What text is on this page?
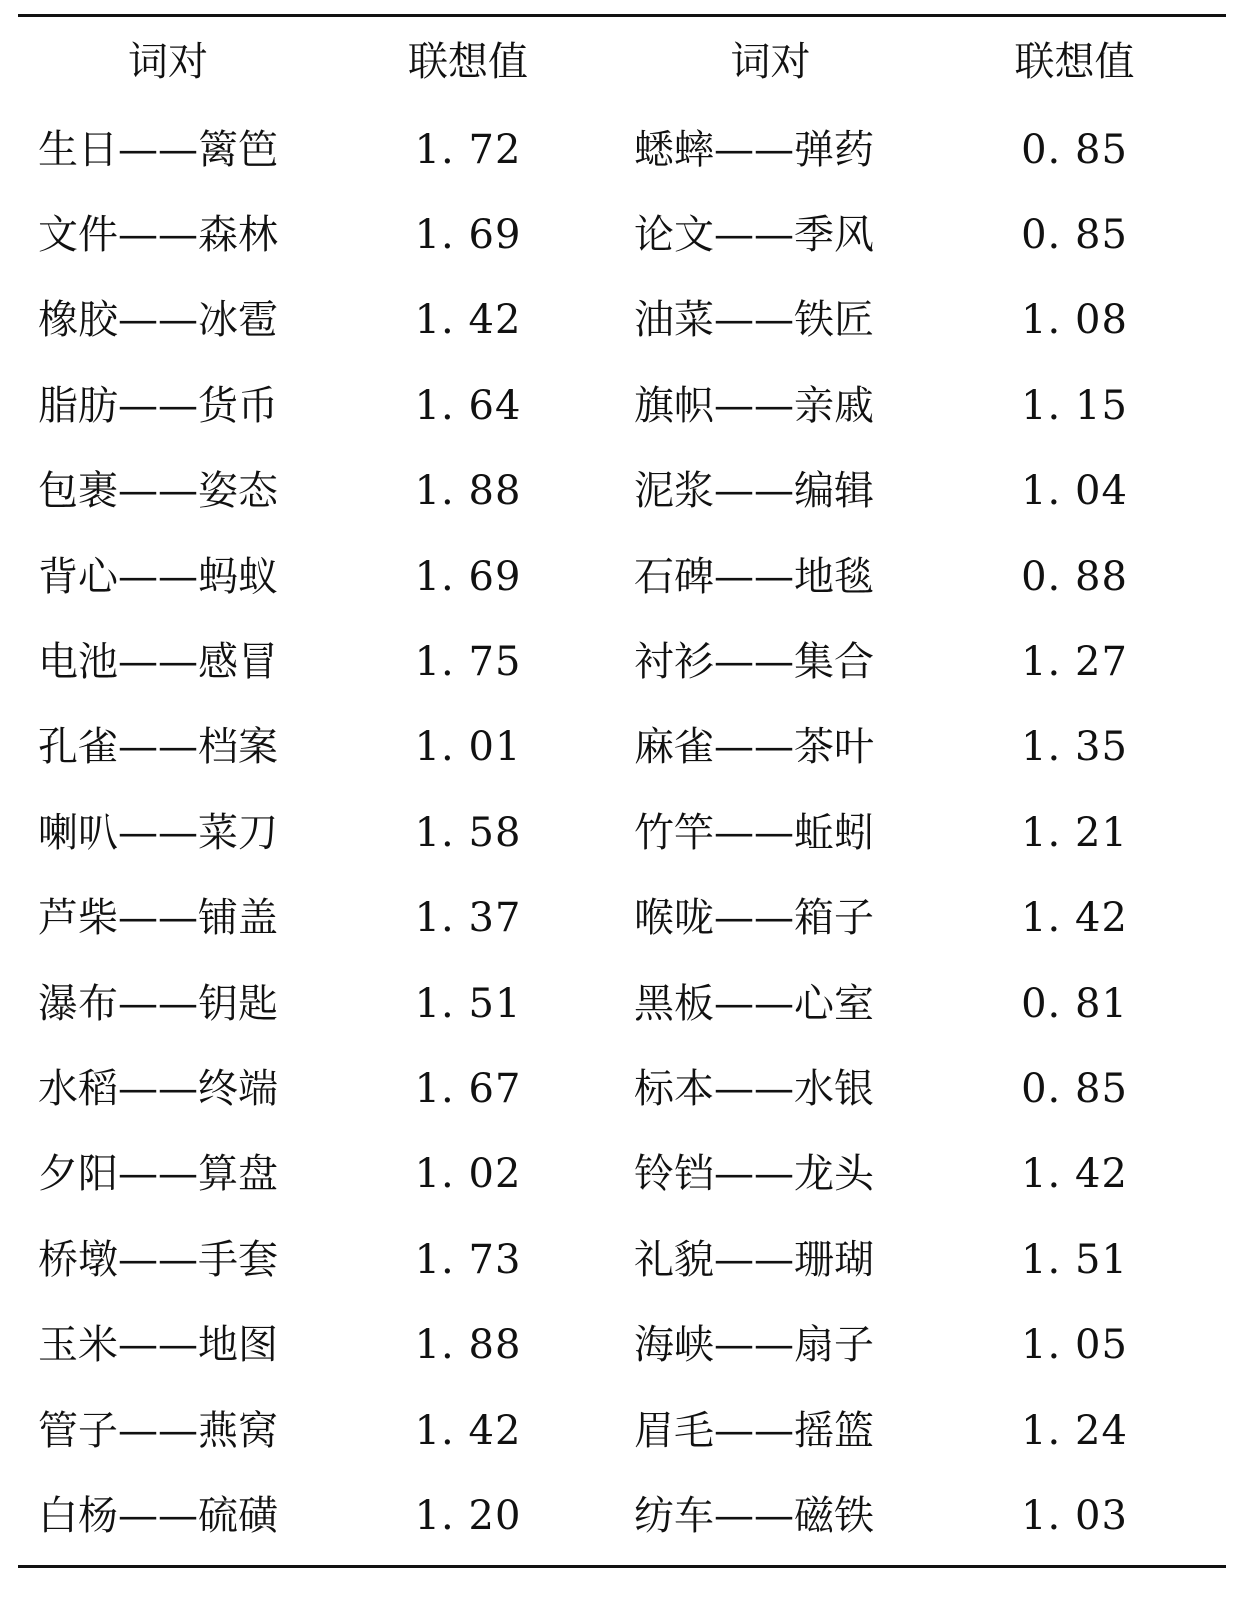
词对	联想值	词对	联想值
生日——篱笆	1. 72	蟋蟀——弹药	0. 85
文件——森林	1. 69	论文——季风	0. 85
橡胶——冰雹	1. 42	油菜——铁匠	1. 08
脂肪——货币	1. 64	旗帜——亲戚	1. 15
包裹——姿态	1. 88	泥浆——编辑	1. 04
背心——蚂蚁	1. 69	石碑——地毯	0. 88
电池——感冒	1. 75	衬衫——集合	1. 27
孔雀——档案	1. 01	麻雀——茶叶	1. 35
喇叭——菜刀	1. 58	竹竿——蚯蚓	1. 21
芦柴——铺盖	1. 37	喉咙——箱子	1. 42
瀑布——钥匙	1. 51	黑板——心室	0. 81
水稻——终端	1. 67	标本——水银	0. 85
夕阳——算盘	1. 02	铃铛——龙头	1. 42
桥墩——手套	1. 73	礼貌——珊瑚	1. 51
玉米——地图	1. 88	海峡——扇子	1. 05
管子——燕窝	1. 42	眉毛——摇篮	1. 24
白杨——硫磺	1. 20	纺车——磁铁	1. 03
